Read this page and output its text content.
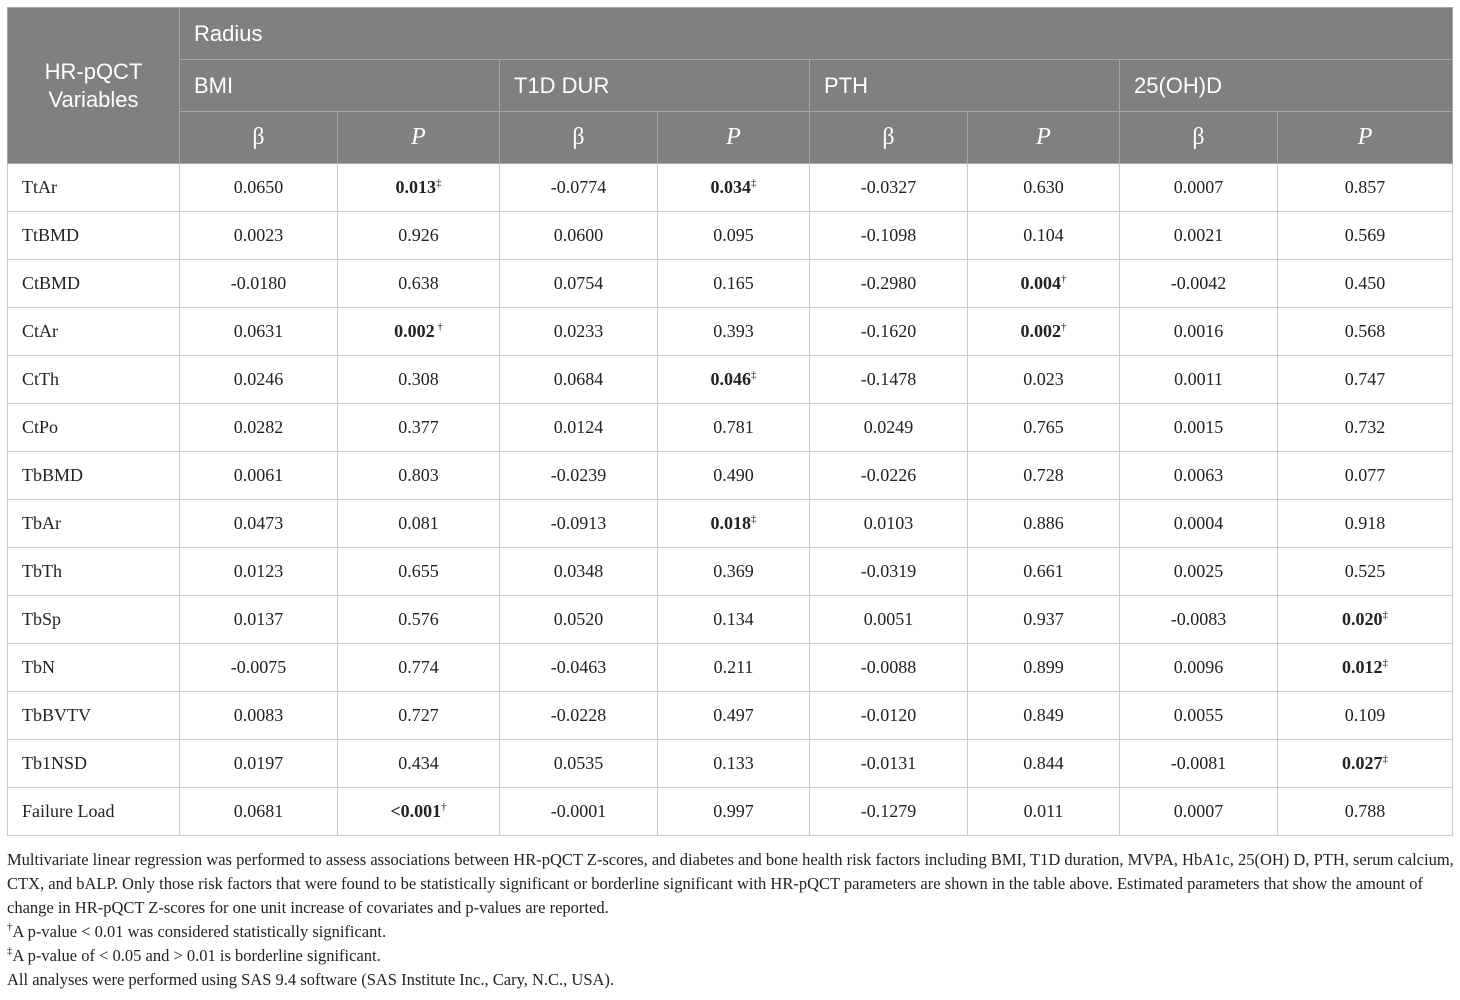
HR-pQCT
Variables	Radius							
	BMI		T1D DUR		PTH		25(OH)D	
	β	P	β	P	β	P	β	P
TtAr	0.0650	0.013‡	-0.0774	0.034‡	-0.0327	0.630	0.0007	0.857
TtBMD	0.0023	0.926	0.0600	0.095	-0.1098	0.104	0.0021	0.569
CtBMD	-0.0180	0.638	0.0754	0.165	-0.2980	0.004†	-0.0042	0.450
CtAr	0.0631	0.002 †	0.0233	0.393	-0.1620	0.002†	0.0016	0.568
CtTh	0.0246	0.308	0.0684	0.046‡	-0.1478	0.023	0.0011	0.747
CtPo	0.0282	0.377	0.0124	0.781	0.0249	0.765	0.0015	0.732
TbBMD	0.0061	0.803	-0.0239	0.490	-0.0226	0.728	0.0063	0.077
TbAr	0.0473	0.081	-0.0913	0.018‡	0.0103	0.886	0.0004	0.918
TbTh	0.0123	0.655	0.0348	0.369	-0.0319	0.661	0.0025	0.525
TbSp	0.0137	0.576	0.0520	0.134	0.0051	0.937	-0.0083	0.020‡
TbN	-0.0075	0.774	-0.0463	0.211	-0.0088	0.899	0.0096	0.012‡
TbBVTV	0.0083	0.727	-0.0228	0.497	-0.0120	0.849	0.0055	0.109
Tb1NSD	0.0197	0.434	0.0535	0.133	-0.0131	0.844	-0.0081	0.027‡
Failure Load	0.0681	<0.001†	-0.0001	0.997	-0.1279	0.011	0.0007	0.788

Multivariate linear regression was performed to assess associations between HR-pQCT Z-scores, and diabetes and bone health risk factors including BMI, T1D duration, MVPA, HbA1c, 25(OH) D, PTH, serum calcium, CTX, and bALP. Only those risk factors that were found to be statistically significant or borderline significant with HR-pQCT parameters are shown in the table above. Estimated parameters that show the amount of change in HR-pQCT Z-scores for one unit increase of covariates and p-values are reported.

†A p-value < 0.01 was considered statistically significant.

‡A p-value of < 0.05 and > 0.01 is borderline significant.

All analyses were performed using SAS 9.4 software (SAS Institute Inc., Cary, N.C., USA).
